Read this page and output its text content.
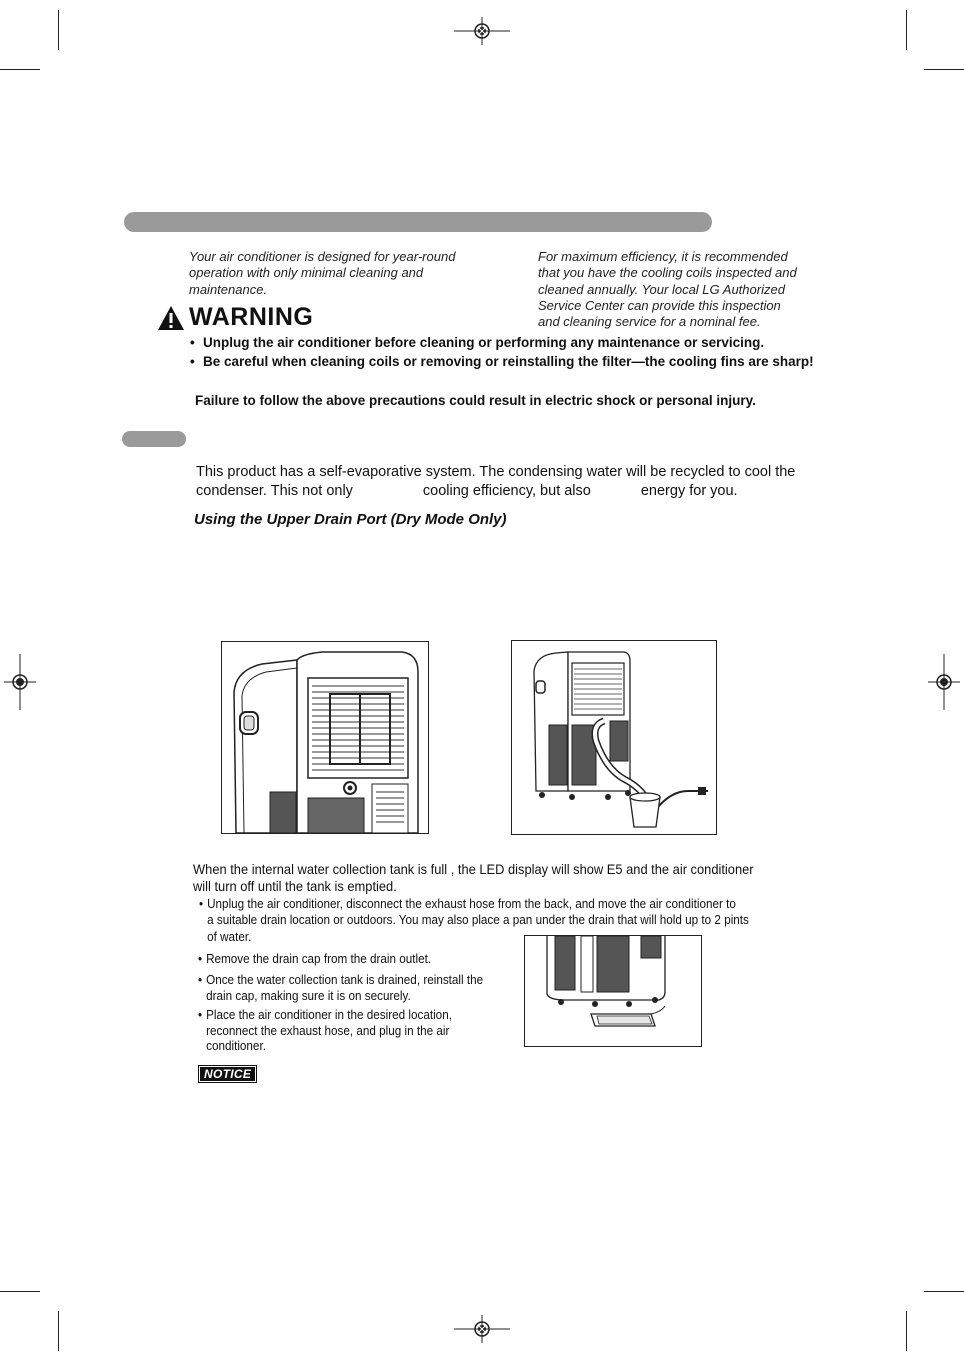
Your air conditioner is designed for year-round
operation with only minimal cleaning and
maintenance.
For maximum efficiency, it is recommended
that you have the cooling coils inspected and
cleaned annually. Your local LG Authorized
Service Center can provide this inspection
and cleaning service for a nominal fee.
WARNING
• Unplug the air conditioner before cleaning or performing any maintenance or servicing.
• Be careful when cleaning coils or removing or reinstalling the filter—the cooling fins are sharp!
Failure to follow the above precautions could result in electric shock or personal injury.
This product has a self-evaporative system. The condensing water will be recycled to cool the
condenser. This not only	cooling efficiency, but also	energy for you.
Using the Upper Drain Port (Dry Mode Only)
When the internal water collection tank is full , the LED display will show E5 and the air conditioner
will turn off until the tank is emptied.
• Unplug the air conditioner, disconnect the exhaust hose from the back, and move the air conditioner to
a suitable drain location or outdoors. You may also place a pan under the drain that will hold up to 2 pints
of water.
• Remove the drain cap from the drain outlet.
• Once the water collection tank is drained, reinstall the
drain cap, making sure it is on securely.
• Place the air conditioner in the desired location,
reconnect the exhaust hose, and plug in the air
conditioner.
NOTICE
